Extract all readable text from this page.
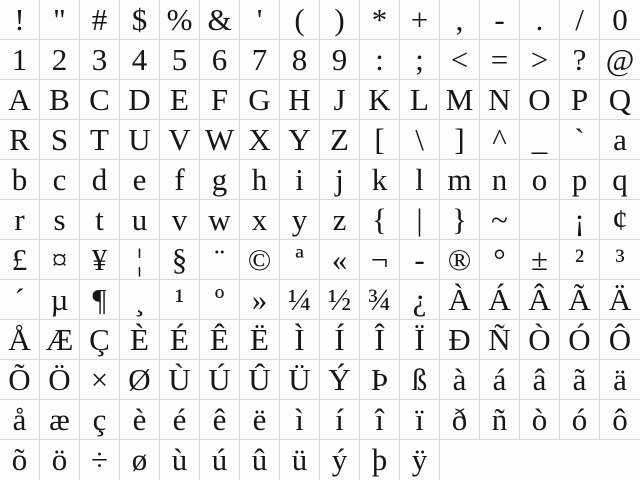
! " # $ % & '	( ) * + , - .	/ 0
1 2 3 4 5 6 7 8 9 :	; < = > ? @
A B C D E F G H J K L M N O P Q
R S T U V W X Y Z [ \ ] ^ _ ` a
b c d e f g h i	j k l m n o p q
r s t u v w x y z { | } ~	¡ ¢
£ ¤ ¥ ¦ § ¨ © ª « ¬ - ® ° ± ²	³
´ µ ¶ ¸ ¹ º » ¼ ½ ¾ ¿ À Á Â Ã Ä
Å Æ Ç È É Ê Ë Ì Í Î Ï Ð Ñ Ò Ó Ô
Õ Ö × Ø Ù Ú Û Ü Ý Þ ß à á â ã ä
å æ ç è é ê ë ì	í	î	ï ð ñ ò ó ô
õ ö ÷ ø ù ú û ü ý þ ÿ
